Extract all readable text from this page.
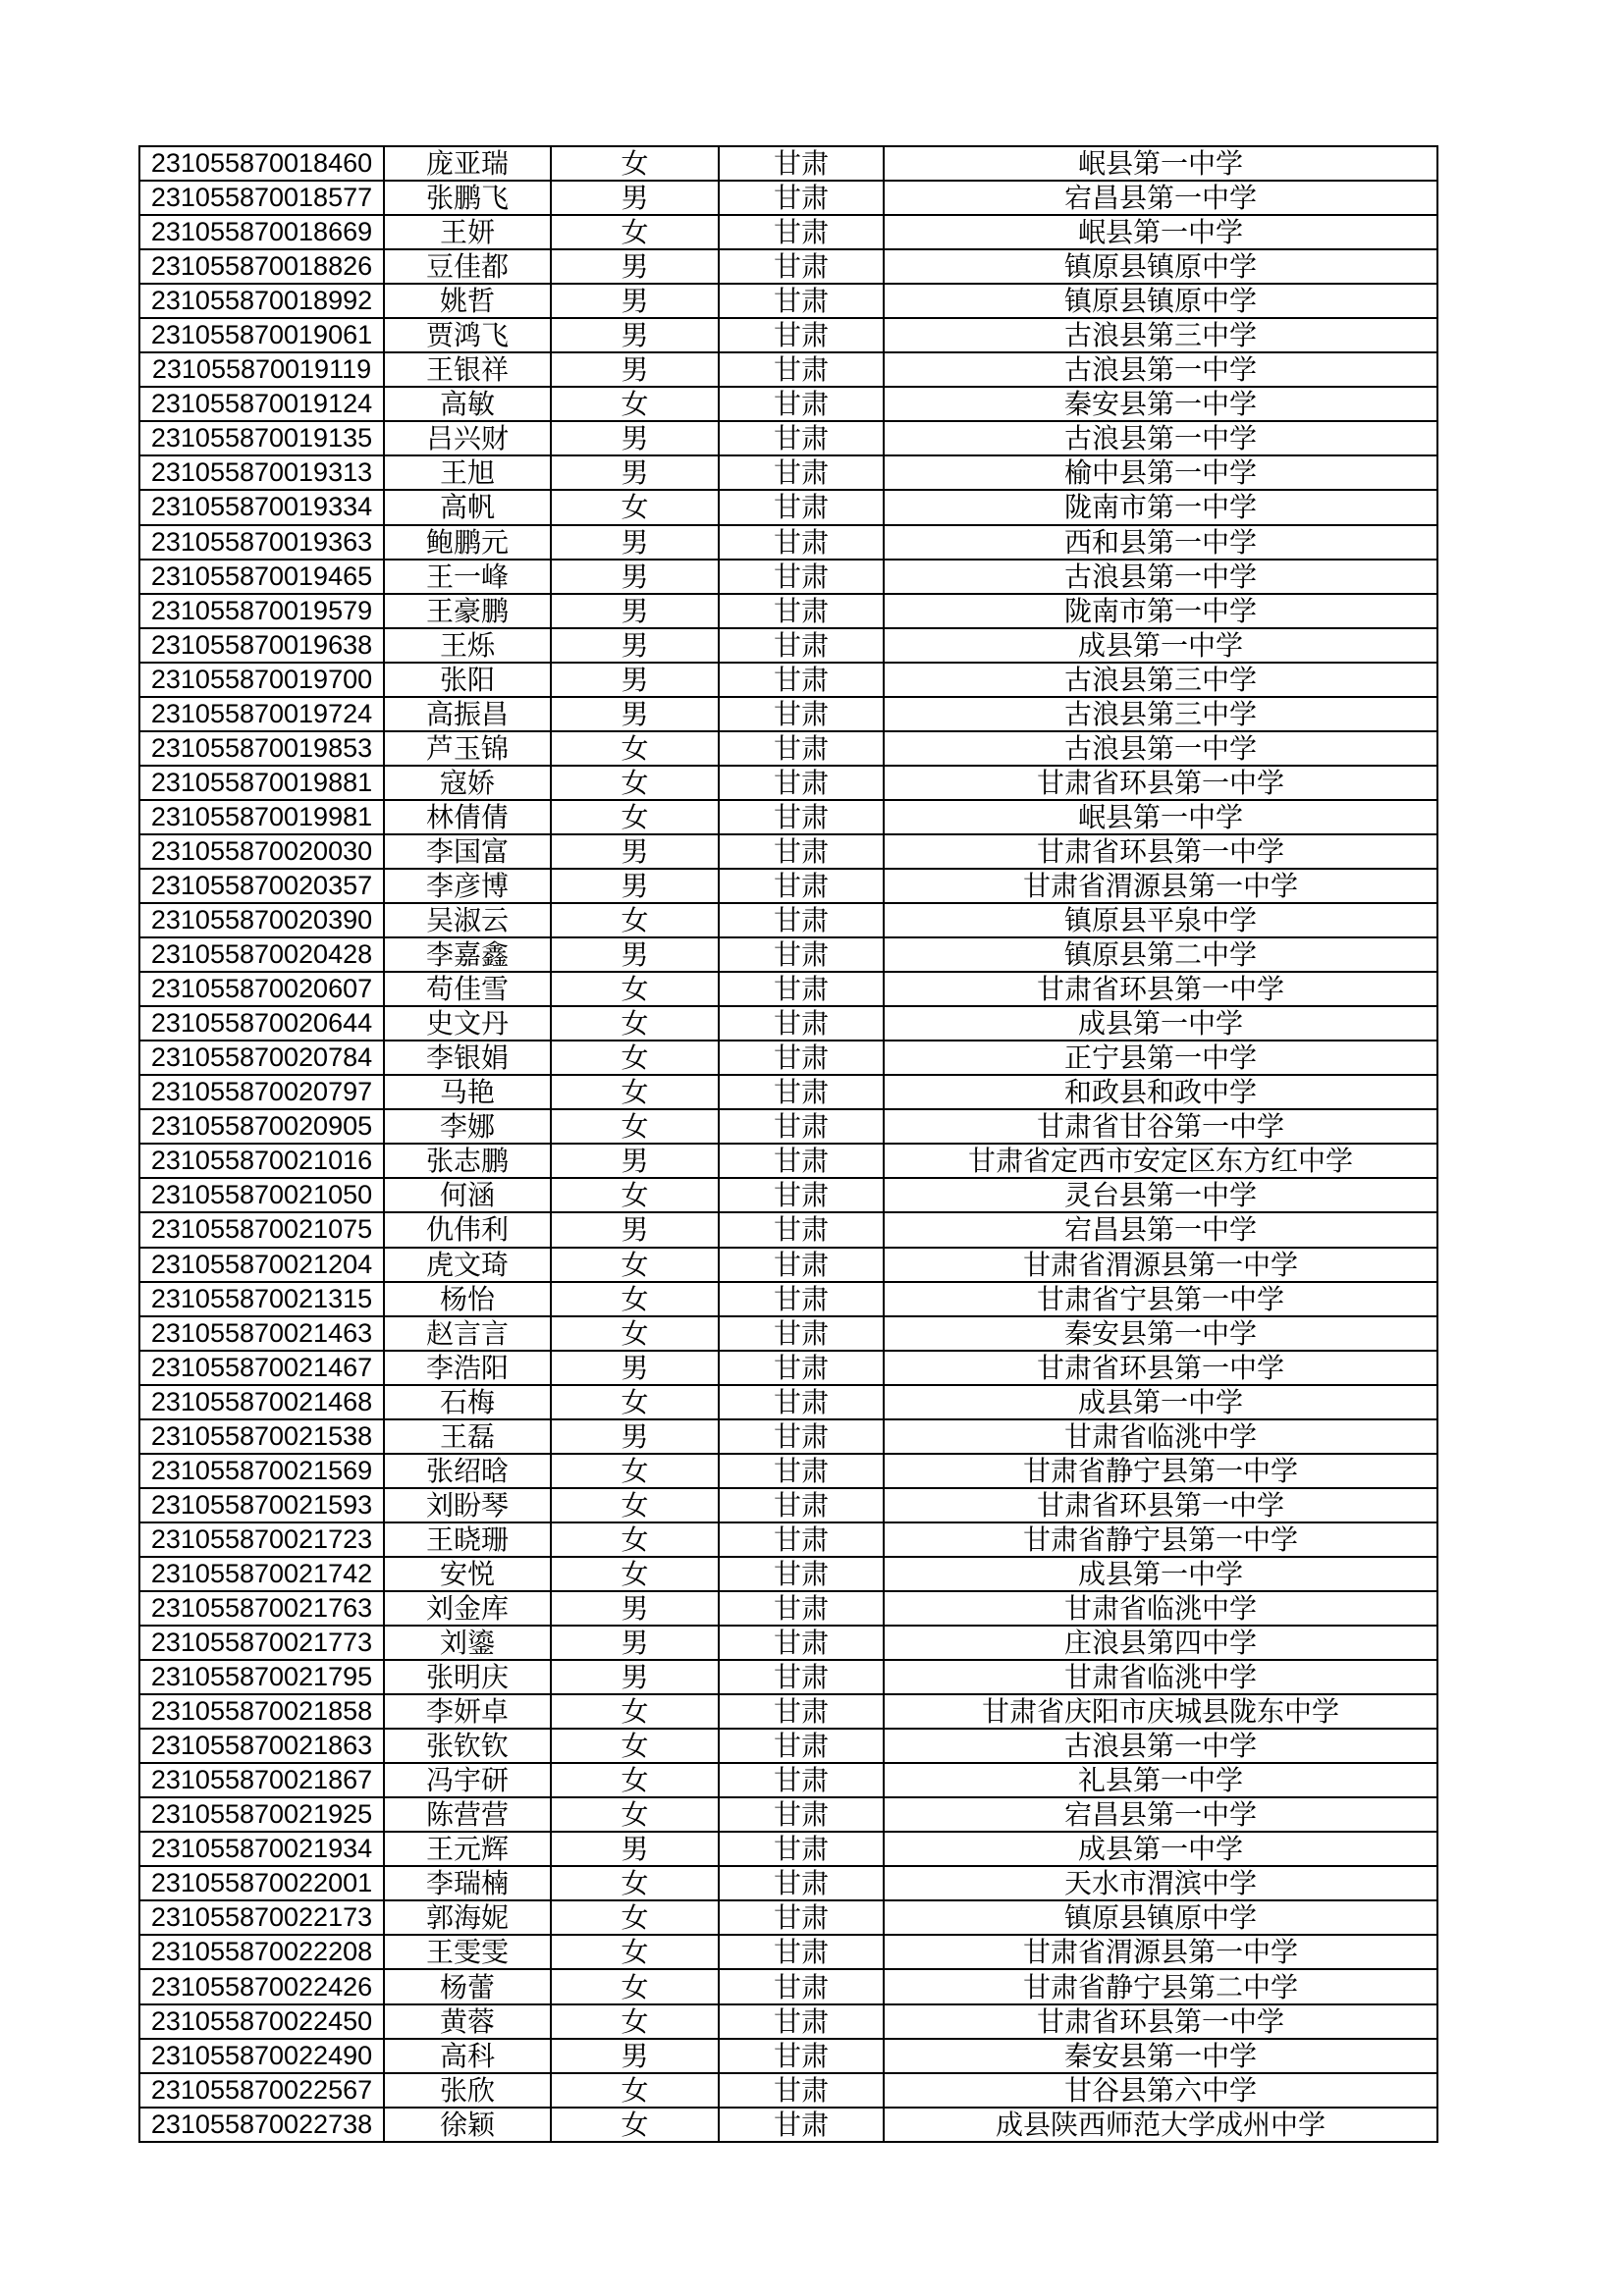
231055870018460	庞亚瑞	女	甘肃	岷县第一中学
231055870018577	张鹏飞	男	甘肃	宕昌县第一中学
231055870018669	王妍	女	甘肃	岷县第一中学
231055870018826	豆佳都	男	甘肃	镇原县镇原中学
231055870018992	姚哲	男	甘肃	镇原县镇原中学
231055870019061	贾鸿飞	男	甘肃	古浪县第三中学
231055870019119	王银祥	男	甘肃	古浪县第一中学
231055870019124	高敏	女	甘肃	秦安县第一中学
231055870019135	吕兴财	男	甘肃	古浪县第一中学
231055870019313	王旭	男	甘肃	榆中县第一中学
231055870019334	高帆	女	甘肃	陇南市第一中学
231055870019363	鲍鹏元	男	甘肃	西和县第一中学
231055870019465	王一峰	男	甘肃	古浪县第一中学
231055870019579	王豪鹏	男	甘肃	陇南市第一中学
231055870019638	王烁	男	甘肃	成县第一中学
231055870019700	张阳	男	甘肃	古浪县第三中学
231055870019724	高振昌	男	甘肃	古浪县第三中学
231055870019853	芦玉锦	女	甘肃	古浪县第一中学
231055870019881	寇娇	女	甘肃	甘肃省环县第一中学
231055870019981	林倩倩	女	甘肃	岷县第一中学
231055870020030	李国富	男	甘肃	甘肃省环县第一中学
231055870020357	李彦博	男	甘肃	甘肃省渭源县第一中学
231055870020390	吴淑云	女	甘肃	镇原县平泉中学
231055870020428	李嘉鑫	男	甘肃	镇原县第二中学
231055870020607	苟佳雪	女	甘肃	甘肃省环县第一中学
231055870020644	史文丹	女	甘肃	成县第一中学
231055870020784	李银娟	女	甘肃	正宁县第一中学
231055870020797	马艳	女	甘肃	和政县和政中学
231055870020905	李娜	女	甘肃	甘肃省甘谷第一中学
231055870021016	张志鹏	男	甘肃	甘肃省定西市安定区东方红中学
231055870021050	何涵	女	甘肃	灵台县第一中学
231055870021075	仇伟利	男	甘肃	宕昌县第一中学
231055870021204	虎文琦	女	甘肃	甘肃省渭源县第一中学
231055870021315	杨怡	女	甘肃	甘肃省宁县第一中学
231055870021463	赵言言	女	甘肃	秦安县第一中学
231055870021467	李浩阳	男	甘肃	甘肃省环县第一中学
231055870021468	石梅	女	甘肃	成县第一中学
231055870021538	王磊	男	甘肃	甘肃省临洮中学
231055870021569	张绍晗	女	甘肃	甘肃省静宁县第一中学
231055870021593	刘盼琴	女	甘肃	甘肃省环县第一中学
231055870021723	王晓珊	女	甘肃	甘肃省静宁县第一中学
231055870021742	安悦	女	甘肃	成县第一中学
231055870021763	刘金库	男	甘肃	甘肃省临洮中学
231055870021773	刘鎏	男	甘肃	庄浪县第四中学
231055870021795	张明庆	男	甘肃	甘肃省临洮中学
231055870021858	李妍卓	女	甘肃	甘肃省庆阳市庆城县陇东中学
231055870021863	张钦钦	女	甘肃	古浪县第一中学
231055870021867	冯宇研	女	甘肃	礼县第一中学
231055870021925	陈营营	女	甘肃	宕昌县第一中学
231055870021934	王元辉	男	甘肃	成县第一中学
231055870022001	李瑞楠	女	甘肃	天水市渭滨中学
231055870022173	郭海妮	女	甘肃	镇原县镇原中学
231055870022208	王雯雯	女	甘肃	甘肃省渭源县第一中学
231055870022426	杨蕾	女	甘肃	甘肃省静宁县第二中学
231055870022450	黄蓉	女	甘肃	甘肃省环县第一中学
231055870022490	高科	男	甘肃	秦安县第一中学
231055870022567	张欣	女	甘肃	甘谷县第六中学
231055870022738	徐颖	女	甘肃	成县陕西师范大学成州中学
